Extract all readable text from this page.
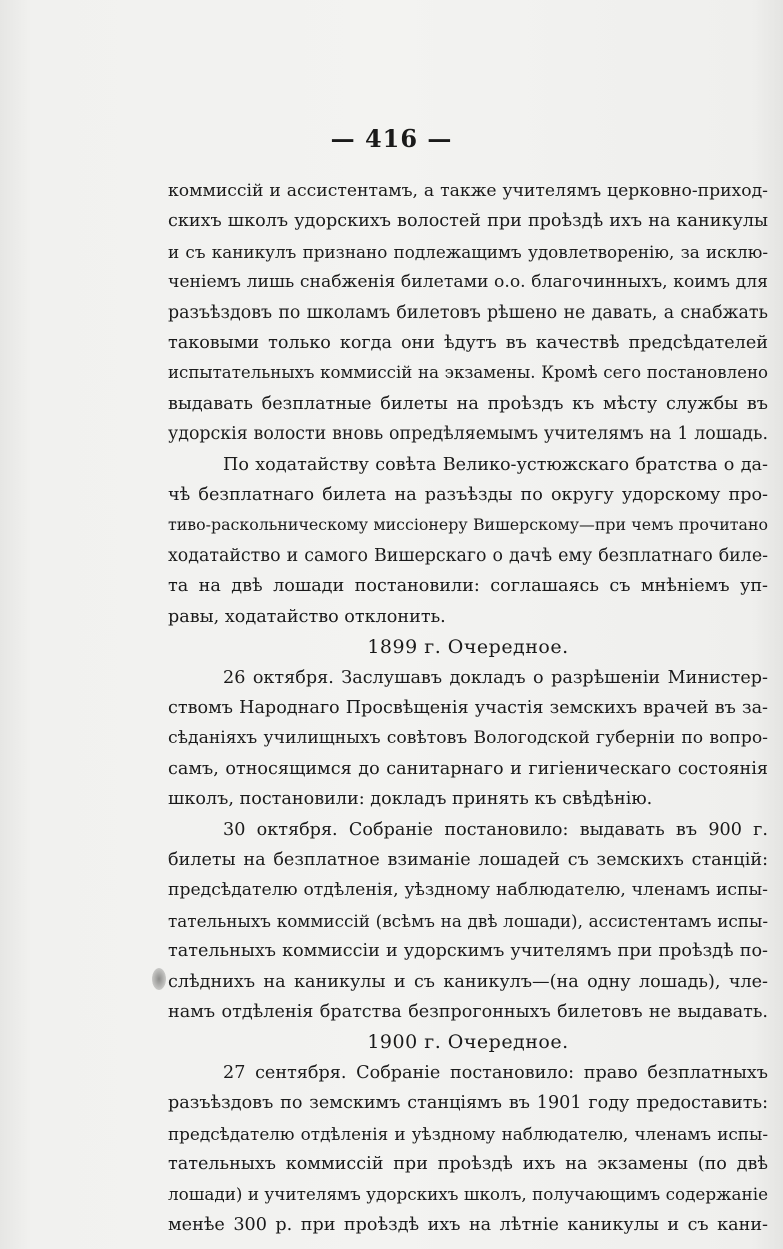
— 416 —
коммиссій и ассистентамъ, а также учителямъ церковно-приход-
скихъ школъ удорскихъ волостей при проѣздѣ ихъ на каникулы
и съ каникулъ признано подлежащимъ удовлетворенію, за исклю-
ченіемъ лишь снабженія билетами о.о. благочинныхъ, коимъ для
разъѣздовъ по школамъ билетовъ рѣшено не давать, а снабжать
таковыми только когда они ѣдутъ въ качествѣ предсѣдателей
испытательныхъ коммиссій на экзамены. Кромѣ сего постановлено
выдавать безплатные билеты на проѣздъ къ мѣсту службы въ
удорскія волости вновь опредѣляемымъ учителямъ на 1 лошадь.
По ходатайству совѣта Велико-устюжскаго братства о да-
чѣ безплатнаго билета на разъѣзды по округу удорскому про-
тиво-раскольническому миссіонеру Вишерскому—при чемъ прочитано
ходатайство и самого Вишерскаго о дачѣ ему безплатнаго биле-
та на двѣ лошади постановили: соглашаясь съ мнѣніемъ уп-
равы, ходатайство отклонить.
1899 г. Очередное.
26 октября. Заслушавъ докладъ о разрѣшеніи Министер-
ствомъ Народнаго Просвѣщенія участія земскихъ врачей въ за-
сѣданіяхъ училищныхъ совѣтовъ Вологодской губерніи по вопро-
самъ, относящимся до санитарнаго и гигіеническаго состоянія
школъ, постановили: докладъ принять къ свѣдѣнію.
30 октября. Собраніе постановило: выдавать въ 900 г.
билеты на безплатное взиманіе лошадей съ земскихъ станцій:
предсѣдателю отдѣленія, уѣздному наблюдателю, членамъ испы-
тательныхъ коммиссій (всѣмъ на двѣ лошади), ассистентамъ испы-
тательныхъ коммиссіи и удорскимъ учителямъ при проѣздѣ по-
слѣднихъ на каникулы и съ каникулъ—(на одну лошадь), чле-
намъ отдѣленія братства безпрогонныхъ билетовъ не выдавать.
1900 г. Очередное.
27 сентября. Собраніе постановило: право безплатныхъ
разъѣздовъ по земскимъ станціямъ въ 1901 году предоставить:
предсѣдателю отдѣленія и уѣздному наблюдателю, членамъ испы-
тательныхъ коммиссій при проѣздѣ ихъ на экзамены (по двѣ
лошади) и учителямъ удорскихъ школъ, получающимъ содержаніе
менѣе 300 р. при проѣздѣ ихъ на лѣтніе каникулы и съ кани-
